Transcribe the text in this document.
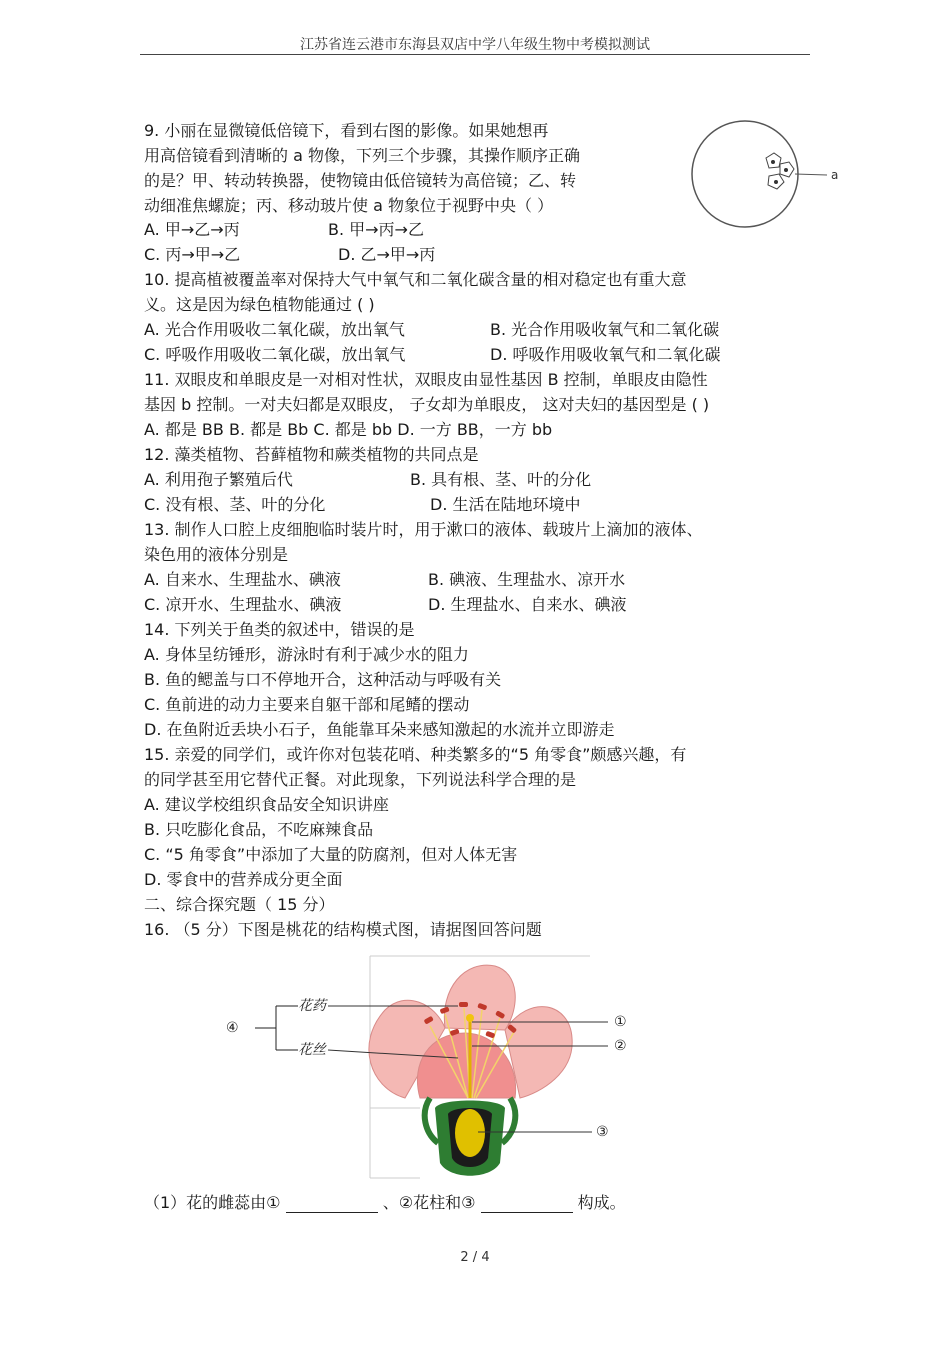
江苏省连云港市东海县双店中学八年级生物中考模拟测试
9. 小丽在显微镜低倍镜下，看到右图的影像。如果她想再
用高倍镜看到清晰的 a 物像，下列三个步骤，其操作顺序正确
的是？甲、转动转换器，使物镜由低倍镜转为高倍镜；乙、转
动细准焦螺旋；丙、移动玻片使 a 物象位于视野中央（ ）
A. 甲→乙→丙	B. 甲→丙→乙
C. 丙→甲→乙	D. 乙→甲→丙
a
10. 提高植被覆盖率对保持大气中氧气和二氧化碳含量的相对稳定也有重大意
义。这是因为绿色植物能通过 ( )
A. 光合作用吸收二氧化碳，放出氧气	B. 光合作用吸收氧气和二氧化碳
C. 呼吸作用吸收二氧化碳，放出氧气	D. 呼吸作用吸收氧气和二氧化碳
11. 双眼皮和单眼皮是一对相对性状，双眼皮由显性基因 B 控制，单眼皮由隐性
基因 b 控制。一对夫妇都是双眼皮， 子女却为单眼皮， 这对夫妇的基因型是 ( )
A. 都是 BB B. 都是 Bb C. 都是 bb D. 一方 BB，一方 bb
12. 藻类植物、苔藓植物和蕨类植物的共同点是
A. 利用孢子繁殖后代	B. 具有根、茎、叶的分化
C. 没有根、茎、叶的分化	D. 生活在陆地环境中
13. 制作人口腔上皮细胞临时装片时，用于漱口的液体、载玻片上滴加的液体、
染色用的液体分别是
A. 自来水、生理盐水、碘液	B. 碘液、生理盐水、凉开水
C. 凉开水、生理盐水、碘液	D. 生理盐水、自来水、碘液
14. 下列关于鱼类的叙述中，错误的是
A. 身体呈纺锤形，游泳时有利于减少水的阻力
B. 鱼的鳃盖与口不停地开合，这种活动与呼吸有关
C. 鱼前进的动力主要来自躯干部和尾鳍的摆动
D. 在鱼附近丢块小石子，鱼能靠耳朵来感知激起的水流并立即游走
15. 亲爱的同学们，或许你对包装花哨、种类繁多的“5 角零食”颇感兴趣，有
的同学甚至用它替代正餐。对此现象，下列说法科学合理的是
A. 建议学校组织食品安全知识讲座
B. 只吃膨化食品，不吃麻辣食品
C. “5 角零食”中添加了大量的防腐剂，但对人体无害
D. 零食中的营养成分更全面
二、综合探究题（ 15 分）
16. （5 分）下图是桃花的结构模式图，请据图回答问题
花药
花丝
④	①
②
③
（1）花的雌蕊由①	、②花柱和③	构成。
2 / 4
